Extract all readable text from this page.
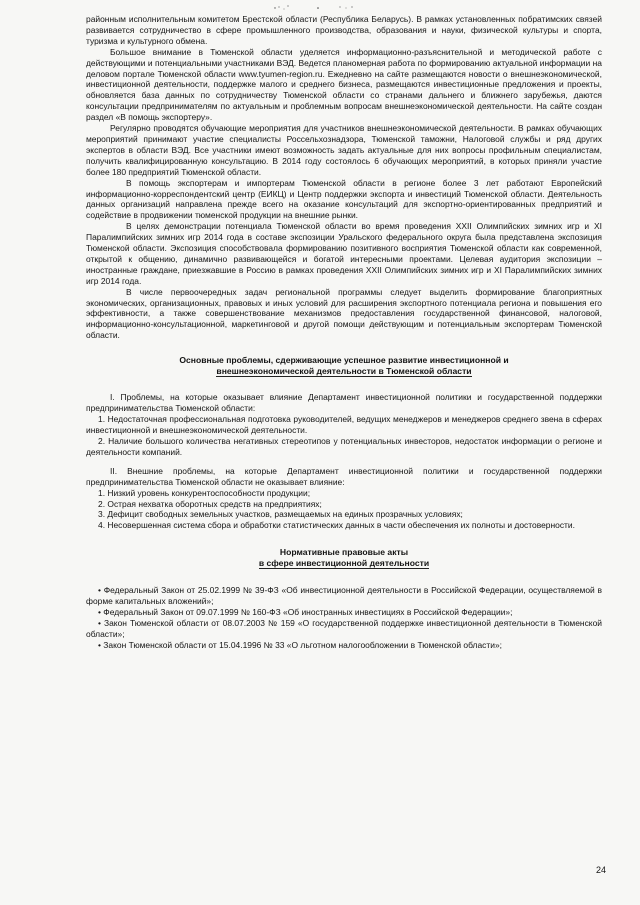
районным исполнительным комитетом Брестской области (Республика Беларусь). В рамках установленных побратимских связей развивается сотрудничество в сфере промышленного производства, образования и науки, физической культуры и спорта, туризма и культурного обмена.

Большое внимание в Тюменской области уделяется информационно-разъяснительной и методической работе с действующими и потенциальными участниками ВЭД. Ведется планомерная работа по формированию актуальной информации на деловом портале Тюменской области www.tyumen-region.ru. Ежедневно на сайте размещаются новости о внешнеэкономической, инвестиционной деятельности, поддержке малого и среднего бизнеса, размещаются инвестиционные предложения и проекты, обновляется база данных по сотрудничеству Тюменской области со странами дальнего и ближнего зарубежья, даются консультации предпринимателям по актуальным и проблемным вопросам внешнеэкономической деятельности. На сайте создан раздел «В помощь экспортеру».

Регулярно проводятся обучающие мероприятия для участников внешнеэкономической деятельности. В рамках обучающих мероприятий принимают участие специалисты Россельхознадзора, Тюменской таможни, Налоговой службы и ряд других экспертов в области ВЭД. Все участники имеют возможность задать актуальные для них вопросы профильным специалистам, получить квалифицированную консультацию. В 2014 году состоялось 6 обучающих мероприятий, в которых приняли участие более 180 предприятий Тюменской области.

В помощь экспортерам и импортерам Тюменской области в регионе более 3 лет работают Европейский информационно-корреспондентский центр (ЕИКЦ) и Центр поддержки экспорта и инвестиций Тюменской области. Деятельность данных организаций направлена прежде всего на оказание консультаций для экспортно-ориентированных предприятий и содействие в продвижении тюменской продукции на внешние рынки.

В целях демонстрации потенциала Тюменской области во время проведения XXII Олимпийских зимних игр и XI Паралимпийских зимних игр 2014 года в составе экспозиции Уральского федерального округа была представлена экспозиция Тюменской области. Экспозиция способствовала формированию позитивного восприятия Тюменской области как современной, открытой к общению, динамично развивающейся и богатой интересными проектами. Целевая аудитория экспозиции – иностранные граждане, приезжавшие в Россию в рамках проведения XXII Олимпийских зимних игр и XI Паралимпийских зимних игр 2014 года.

В числе первоочередных задач региональной программы следует выделить формирование благоприятных экономических, организационных, правовых и иных условий для расширения экспортного потенциала региона и повышения его эффективности, а также совершенствование механизмов предоставления государственной финансовой, налоговой, информационно-консультационной, маркетинговой и другой помощи действующим и потенциальным экспортерам Тюменской области.

Основные проблемы, сдерживающие успешное развитие инвестиционной и
внешнеэкономической деятельности в Тюменской области

I. Проблемы, на которые оказывает влияние Департамент инвестиционной политики и государственной поддержки предпринимательства Тюменской области:

1. Недостаточная профессиональная подготовка руководителей, ведущих менеджеров и менеджеров среднего звена в сферах инвестиционной и внешнеэкономической деятельности.

2. Наличие большого количества негативных стереотипов у потенциальных инвесторов, недостаток информации о регионе и деятельности компаний.

II. Внешние проблемы, на которые Департамент инвестиционной политики и государственной поддержки предпринимательства Тюменской области не оказывает влияние:

1. Низкий уровень конкурентоспособности продукции;

2. Острая нехватка оборотных средств на предприятиях;

3. Дефицит свободных земельных участков, размещаемых на единых прозрачных условиях;

4. Несовершенная система сбора и обработки статистических данных в части обеспечения их полноты и достоверности.

Нормативные правовые акты
в сфере инвестиционной деятельности

• Федеральный Закон от 25.02.1999 № 39-ФЗ «Об инвестиционной деятельности в Российской Федерации, осуществляемой в форме капитальных вложений»;

• Федеральный Закон от 09.07.1999 № 160-ФЗ «Об иностранных инвестициях в Российской Федерации»;

• Закон Тюменской области от 08.07.2003 № 159 «О государственной поддержке инвестиционной деятельности в Тюменской области»;

• Закон Тюменской области от 15.04.1996 № 33 «О льготном налогообложении в Тюменской области»;

24
